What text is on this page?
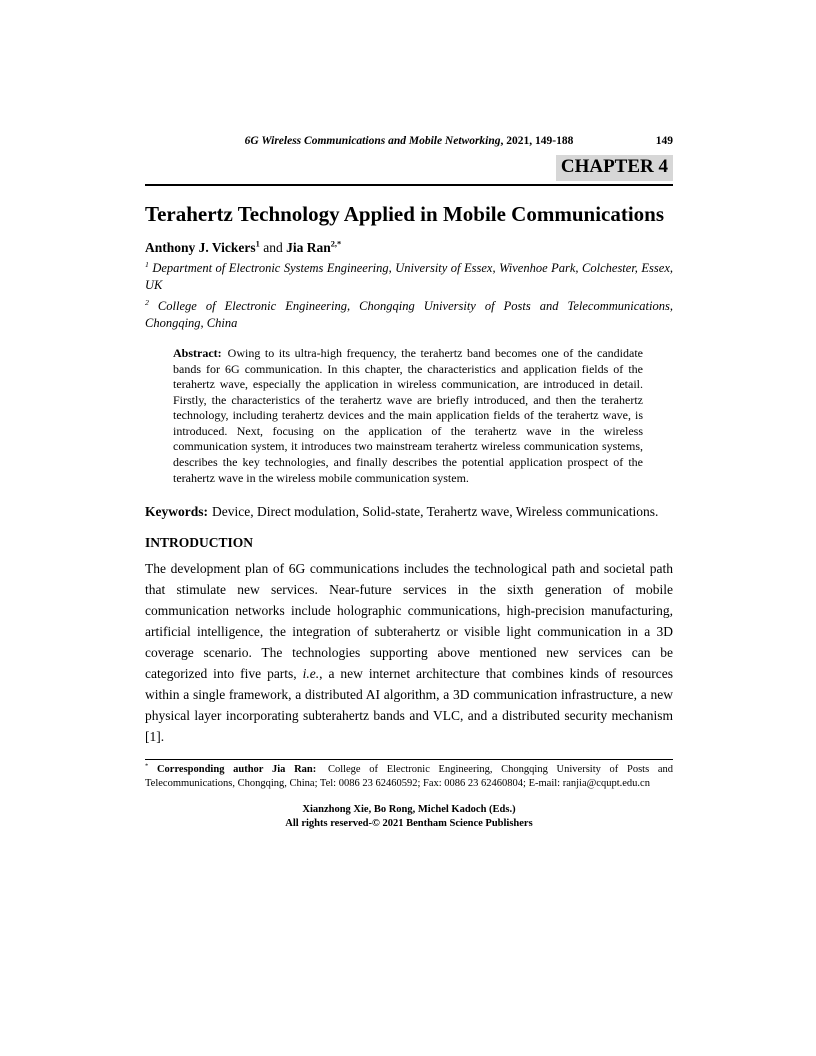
6G Wireless Communications and Mobile Networking, 2021, 149-188	149
CHAPTER 4
Terahertz Technology Applied in Mobile Communications
Anthony J. Vickers$^1$ and Jia Ran$^{2,*}$
$^1$ Department of Electronic Systems Engineering, University of Essex, Wivenhoe Park, Colchester, Essex, UK
$^2$ College of Electronic Engineering, Chongqing University of Posts and Telecommunications, Chongqing, China
Abstract: Owing to its ultra-high frequency, the terahertz band becomes one of the candidate bands for 6G communication. In this chapter, the characteristics and application fields of the terahertz wave, especially the application in wireless communication, are introduced in detail. Firstly, the characteristics of the terahertz wave are briefly introduced, and then the terahertz technology, including terahertz devices and the main application fields of the terahertz wave, is introduced. Next, focusing on the application of the terahertz wave in the wireless communication system, it introduces two mainstream terahertz wireless communication systems, describes the key technologies, and finally describes the potential application prospect of the terahertz wave in the wireless mobile communication system.
Keywords: Device, Direct modulation, Solid-state, Terahertz wave, Wireless communications.
INTRODUCTION
The development plan of 6G communications includes the technological path and societal path that stimulate new services. Near-future services in the sixth generation of mobile communication networks include holographic communications, high-precision manufacturing, artificial intelligence, the integration of subterahertz or visible light communication in a 3D coverage scenario. The technologies supporting above mentioned new services can be categorized into five parts, i.e., a new internet architecture that combines kinds of resources within a single framework, a distributed AI algorithm, a 3D communication infrastructure, a new physical layer incorporating subterahertz bands and VLC, and a distributed security mechanism [1].
* Corresponding author Jia Ran: College of Electronic Engineering, Chongqing University of Posts and Telecommunications, Chongqing, China; Tel: 0086 23 62460592; Fax: 0086 23 62460804; E-mail: ranjia@cqupt.edu.cn
Xianzhong Xie, Bo Rong, Michel Kadoch (Eds.)
All rights reserved-© 2021 Bentham Science Publishers
